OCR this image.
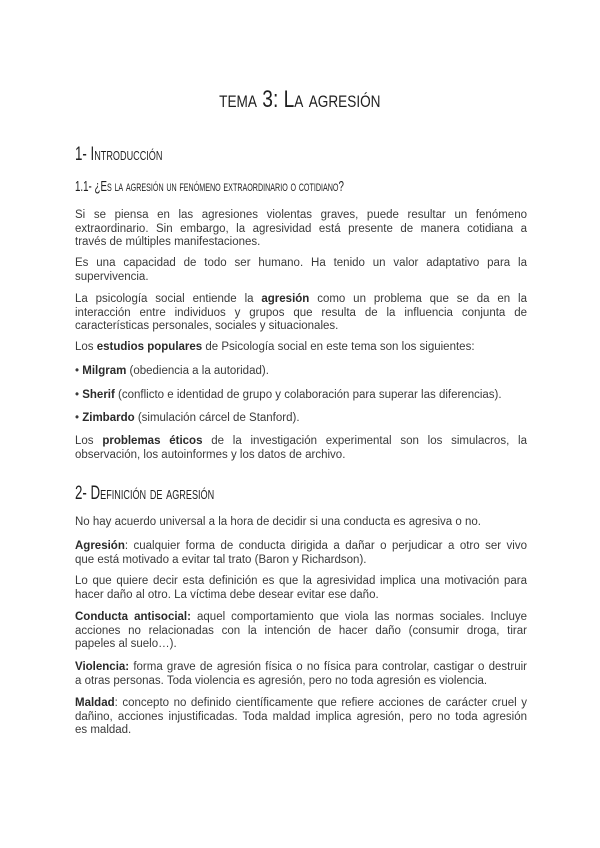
tema 3: La agresión
1- Introducción
1.1- ¿Es la agresión un fenómeno extraordinario o cotidiano?
Si se piensa en las agresiones violentas graves, puede resultar un fenómeno
extraordinario. Sin embargo, la agresividad está presente de manera cotidiana a
través de múltiples manifestaciones.
Es una capacidad de todo ser humano. Ha tenido un valor adaptativo para la
supervivencia.
La psicología social entiende la agresión como un problema que se da en la
interacción entre individuos y grupos que resulta de la influencia conjunta de
características personales, sociales y situacionales.
Los estudios populares de Psicología social en este tema son los siguientes:
• Milgram (obediencia a la autoridad).
• Sherif (conflicto e identidad de grupo y colaboración para superar las diferencias).
• Zimbardo (simulación cárcel de Stanford).
Los problemas éticos de la investigación experimental son los simulacros, la
observación, los autoinformes y los datos de archivo.
2- Definición de agresión
No hay acuerdo universal a la hora de decidir si una conducta es agresiva o no.
Agresión: cualquier forma de conducta dirigida a dañar o perjudicar a otro ser vivo
que está motivado a evitar tal trato (Baron y Richardson).
Lo que quiere decir esta definición es que la agresividad implica una motivación para
hacer daño al otro. La víctima debe desear evitar ese daño.
Conducta antisocial: aquel comportamiento que viola las normas sociales. Incluye
acciones no relacionadas con la intención de hacer daño (consumir droga, tirar
papeles al suelo…).
Violencia: forma grave de agresión física o no física para controlar, castigar o destruir
a otras personas. Toda violencia es agresión, pero no toda agresión es violencia.
Maldad: concepto no definido científicamente que refiere acciones de carácter cruel y
dañino, acciones injustificadas. Toda maldad implica agresión, pero no toda agresión
es maldad.
